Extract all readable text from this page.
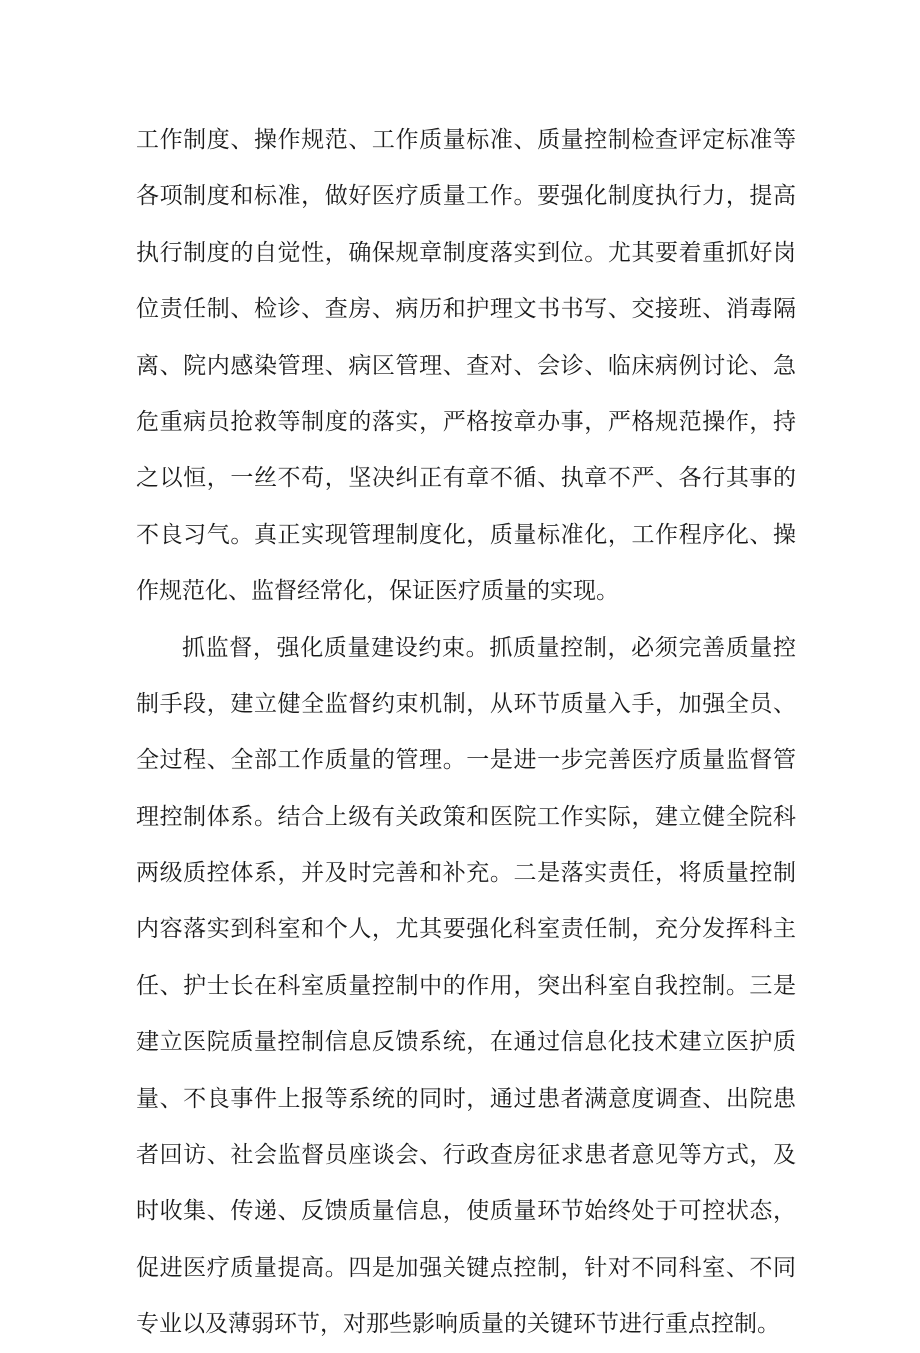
工作制度、操作规范、工作质量标准、质量控制检查评定标准等
各项制度和标准，做好医疗质量工作。要强化制度执行力，提高
执行制度的自觉性，确保规章制度落实到位。尤其要着重抓好岗
位责任制、检诊、查房、病历和护理文书书写、交接班、消毒隔
离、院内感染管理、病区管理、查对、会诊、临床病例讨论、急
危重病员抢救等制度的落实，严格按章办事，严格规范操作，持
之以恒，一丝不苟，坚决纠正有章不循、执章不严、各行其事的
不良习气。真正实现管理制度化，质量标准化，工作程序化、操
作规范化、监督经常化，保证医疗质量的实现。
抓监督，强化质量建设约束。抓质量控制，必须完善质量控
制手段，建立健全监督约束机制，从环节质量入手，加强全员、
全过程、全部工作质量的管理。一是进一步完善医疗质量监督管
理控制体系。结合上级有关政策和医院工作实际，建立健全院科
两级质控体系，并及时完善和补充。二是落实责任，将质量控制
内容落实到科室和个人，尤其要强化科室责任制，充分发挥科主
任、护士长在科室质量控制中的作用，突出科室自我控制。三是
建立医院质量控制信息反馈系统，在通过信息化技术建立医护质
量、不良事件上报等系统的同时，通过患者满意度调查、出院患
者回访、社会监督员座谈会、行政查房征求患者意见等方式，及
时收集、传递、反馈质量信息，使质量环节始终处于可控状态，
促进医疗质量提高。四是加强关键点控制，针对不同科室、不同
专业以及薄弱环节，对那些影响质量的关键环节进行重点控制。
